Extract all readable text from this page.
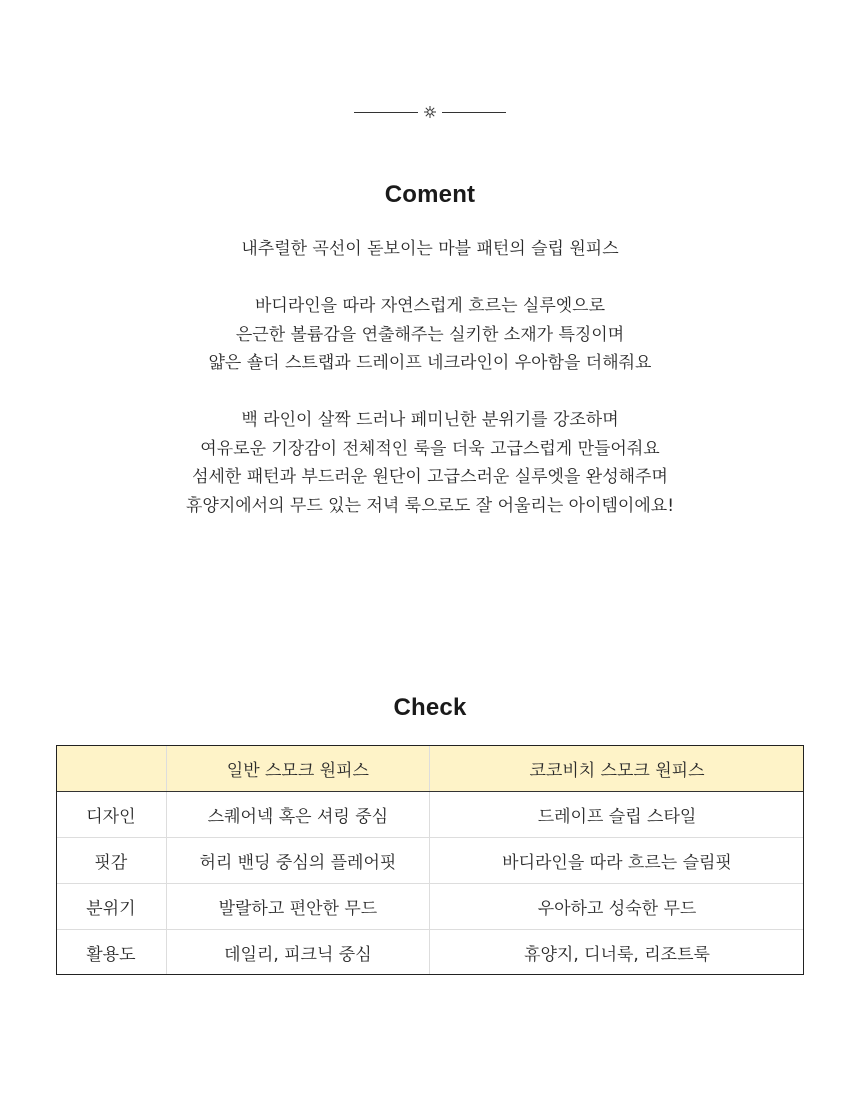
Coment

내추럴한 곡선이 돋보이는 마블 패턴의 슬립 원피스

바디라인을 따라 자연스럽게 흐르는 실루엣으로
은근한 볼륨감을 연출해주는 실키한 소재가 특징이며
얇은 숄더 스트랩과 드레이프 네크라인이 우아함을 더해줘요

백 라인이 살짝 드러나 페미닌한 분위기를 강조하며
여유로운 기장감이 전체적인 룩을 더욱 고급스럽게 만들어줘요
섬세한 패턴과 부드러운 원단이 고급스러운 실루엣을 완성해주며
휴양지에서의 무드 있는 저녁 룩으로도 잘 어울리는 아이템이에요!

Check
	일반 스모크 원피스	코코비치 스모크 원피스
디자인	스퀘어넥 혹은 셔링 중심	드레이프 슬립 스타일
핏감	허리 밴딩 중심의 플레어핏	바디라인을 따라 흐르는 슬림핏
분위기	발랄하고 편안한 무드	우아하고 성숙한 무드
활용도	데일리, 피크닉 중심	휴양지, 디너룩, 리조트룩
